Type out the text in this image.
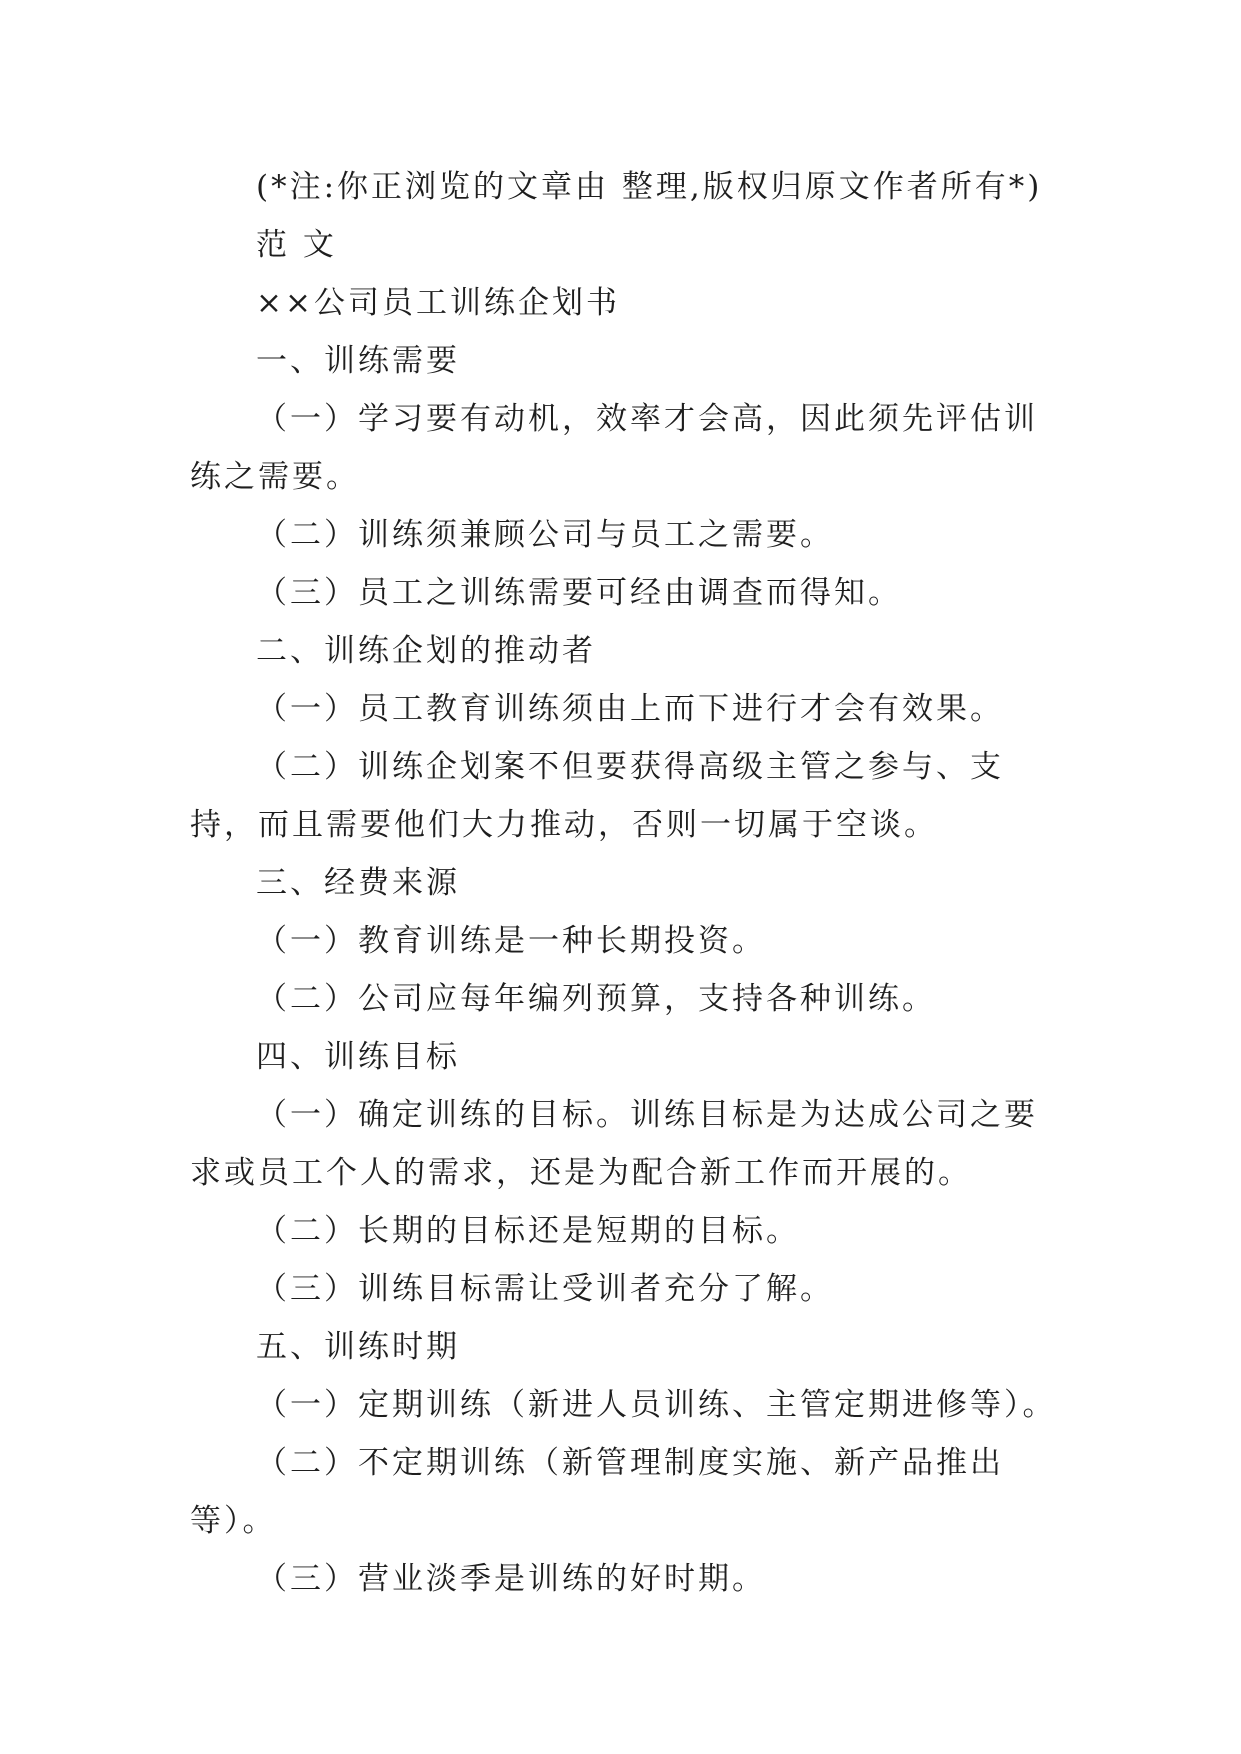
(*注:你正浏览的文章由 整理,版权归原文作者所有*)

范 文

××公司员工训练企划书

一、训练需要

（一）学习要有动机，效率才会高，因此须先评估训练之需要。

（二）训练须兼顾公司与员工之需要。

（三）员工之训练需要可经由调查而得知。

二、训练企划的推动者

（一）员工教育训练须由上而下进行才会有效果。

（二）训练企划案不但要获得高级主管之参与、支持，而且需要他们大力推动，否则一切属于空谈。

三、经费来源

（一）教育训练是一种长期投资。

（二）公司应每年编列预算，支持各种训练。

四、训练目标

（一）确定训练的目标。训练目标是为达成公司之要求或员工个人的需求，还是为配合新工作而开展的。

（二）长期的目标还是短期的目标。

（三）训练目标需让受训者充分了解。

五、训练时期

（一）定期训练（新进人员训练、主管定期进修等）。

（二）不定期训练（新管理制度实施、新产品推出等）。

（三）营业淡季是训练的好时期。
